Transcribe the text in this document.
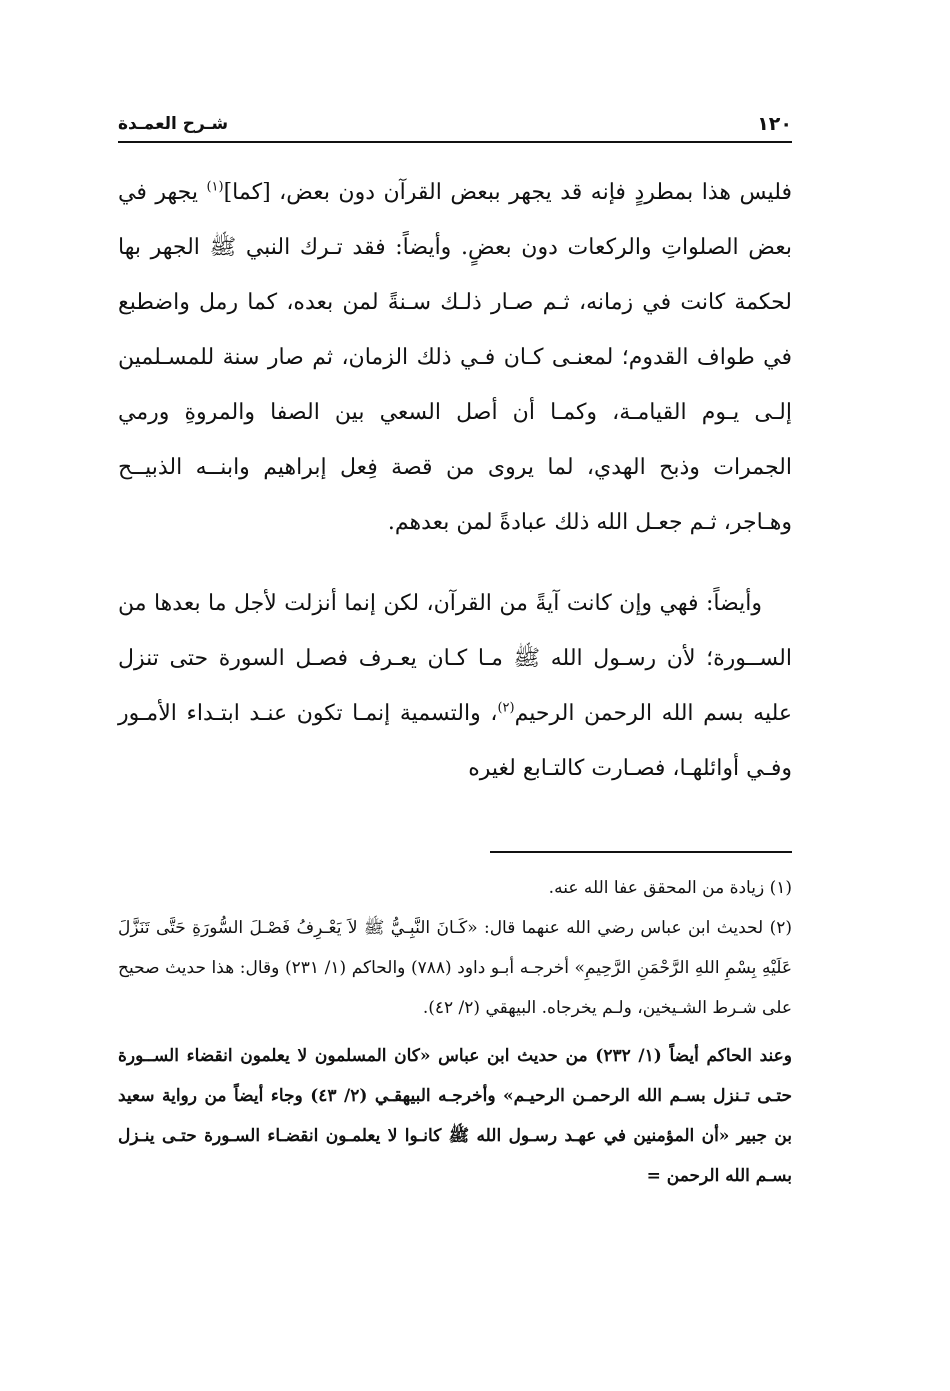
شـرح العمـدة	١٢٠

فليس هذا بمطردٍ فإنه قد يجهر ببعض القرآن دون بعض، [كما]$^{(١)}$ يجهر في بعض الصلواتِ والركعات دون بعضٍ. وأيضاً: فقد تـرك النبي ﷺ الجهر بها لحكمة كانت في زمانه، ثـم صـار ذلـك سـنةً لمن بعده، كما رمل واضطبع في طواف القدوم؛ لمعنـى كـان فـي ذلك الزمان، ثم صار سنة للمسـلمين إلـى يـوم القيامـة، وكمـا أن أصل السعي بين الصفا والمروةِ ورمي الجمرات وذبح الهدي، لما يروى من قصة فِعل إبراهيم وابنــه الذبيــح وهـاجر، ثـم جعـل الله ذلك عبادةً لمن بعدهم.

وأيضاً: فهي وإن كانت آيةً من القرآن، لكن إنما أنزلت لأجل ما بعدها من الســورة؛ لأن رسـول الله ﷺ مـا كـان يعـرف فصـل السورة حتى تنزل عليه بسم الله الرحمن الرحيم$^{(٢)}$، والتسمية إنمـا تكون عنـد ابتـداء الأمـور وفـي أوائلهـا، فصـارت كالتـابع لغيره

(١) زيادة من المحقق عفا الله عنه.

(٢) لحديث ابن عباس رضي الله عنهما قال: «كَـانَ النَّبِـيُّ ﷺ لاَ يَعْـرِفُ فَصْـلَ السُّورَةِ حَتَّى تَنَزَّلَ عَلَيْهِ بِسْمِ اللهِ الرَّحْمَنِ الرَّحِيمِ» أخرجـه أبـو داود (٧٨٨) والحاكم (١/ ٢٣١) وقال: هذا حديث صحيح على شـرط الشـيخين، ولـم يخرجاه. البيهقي (٢/ ٤٢).

وعند الحاكم أيضاً (١/ ٢٣٢) من حديث ابن عباس «كان المسلمون لا يعلمون انقضاء الســورة حتـى تـنزل بسـم الله الرحمـن الرحيـم» وأخرجـه البيهقـي (٢/ ٤٣) وجاء أيضاً من رواية سعيد بن جبير «أن المؤمنين في عهـد رسـول الله ﷺ كانـوا لا يعلمـون انقضـاء السـورة حتـى ينـزل بسـم الله الرحمن =
